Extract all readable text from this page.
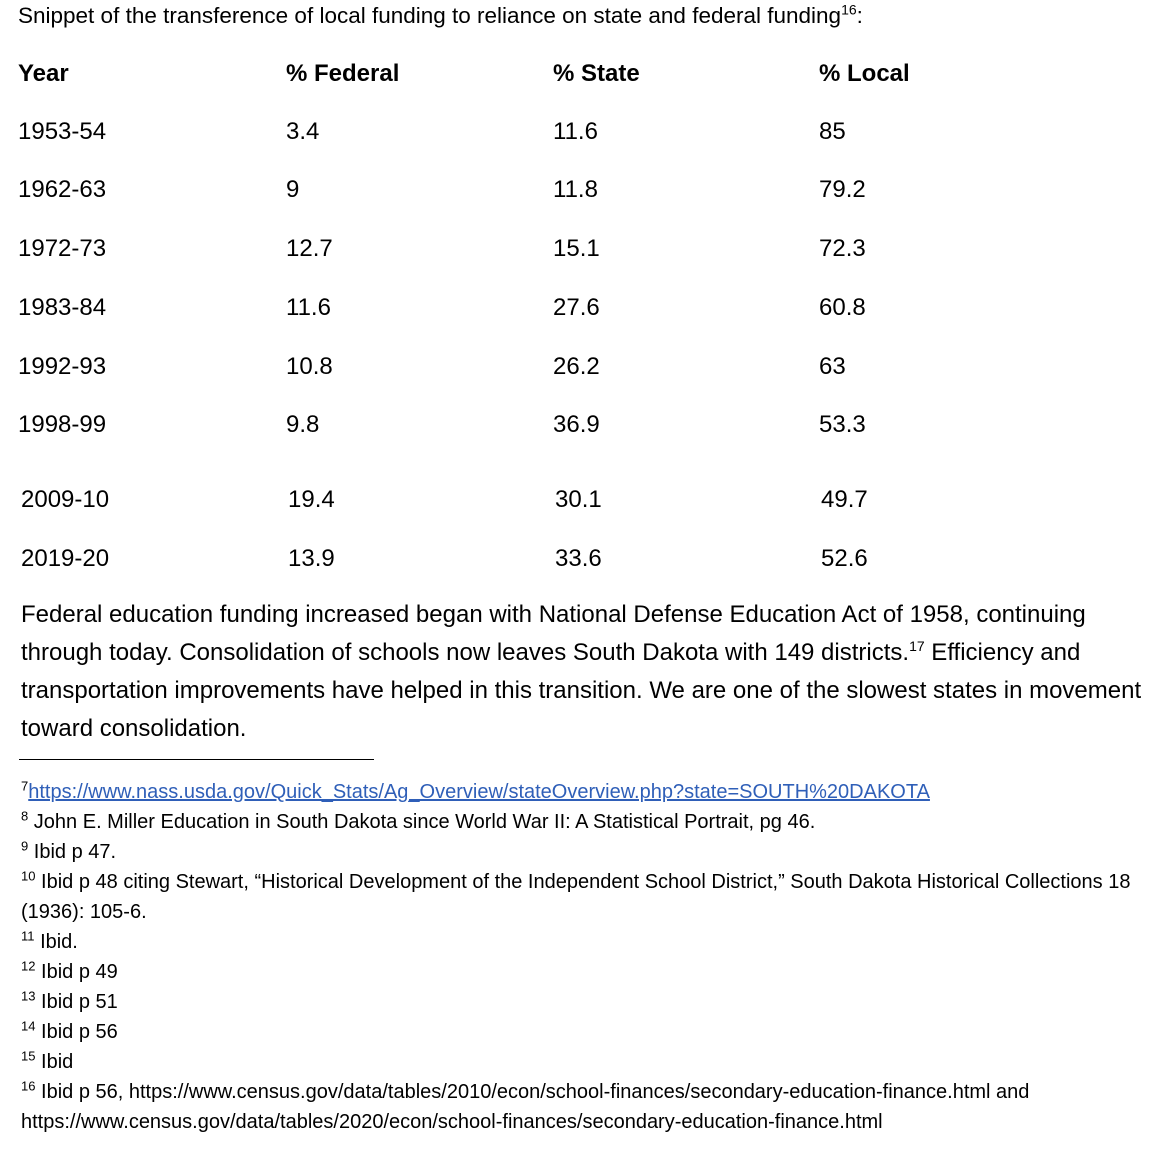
Snippet of the transference of local funding to reliance on state and federal funding$^{16}$:
Year	% Federal	% State	% Local
1953-54	3.4	11.6	85
1962-63	9	11.8	79.2
1972-73	12.7	15.1	72.3
1983-84	11.6	27.6	60.8
1992-93	10.8	26.2	63
1998-99	9.8	36.9	53.3
2009-10	19.4	30.1	49.7
2019-20	13.9	33.6	52.6

Federal education funding increased began with National Defense Education Act of 1958, continuing through today. Consolidation of schools now leaves South Dakota with 149 districts.$^{17}$ Efficiency and transportation improvements have helped in this transition. We are one of the slowest states in movement toward consolidation.

$^7$https://www.nass.usda.gov/Quick_Stats/Ag_Overview/stateOverview.php?state=SOUTH%20DAKOTA

$^8$ John E. Miller Education in South Dakota since World War II: A Statistical Portrait, pg 46.

$^9$ Ibid p 47.

$^{10}$ Ibid p 48 citing Stewart, “Historical Development of the Independent School District,” South Dakota Historical Collections 18 (1936): 105-6.

$^{11}$ Ibid.

$^{12}$ Ibid p 49

$^{13}$ Ibid p 51

$^{14}$ Ibid p 56

$^{15}$ Ibid

$^{16}$ Ibid p 56, https://www.census.gov/data/tables/2010/econ/school-finances/secondary-education-finance.html and https://www.census.gov/data/tables/2020/econ/school-finances/secondary-education-finance.html
